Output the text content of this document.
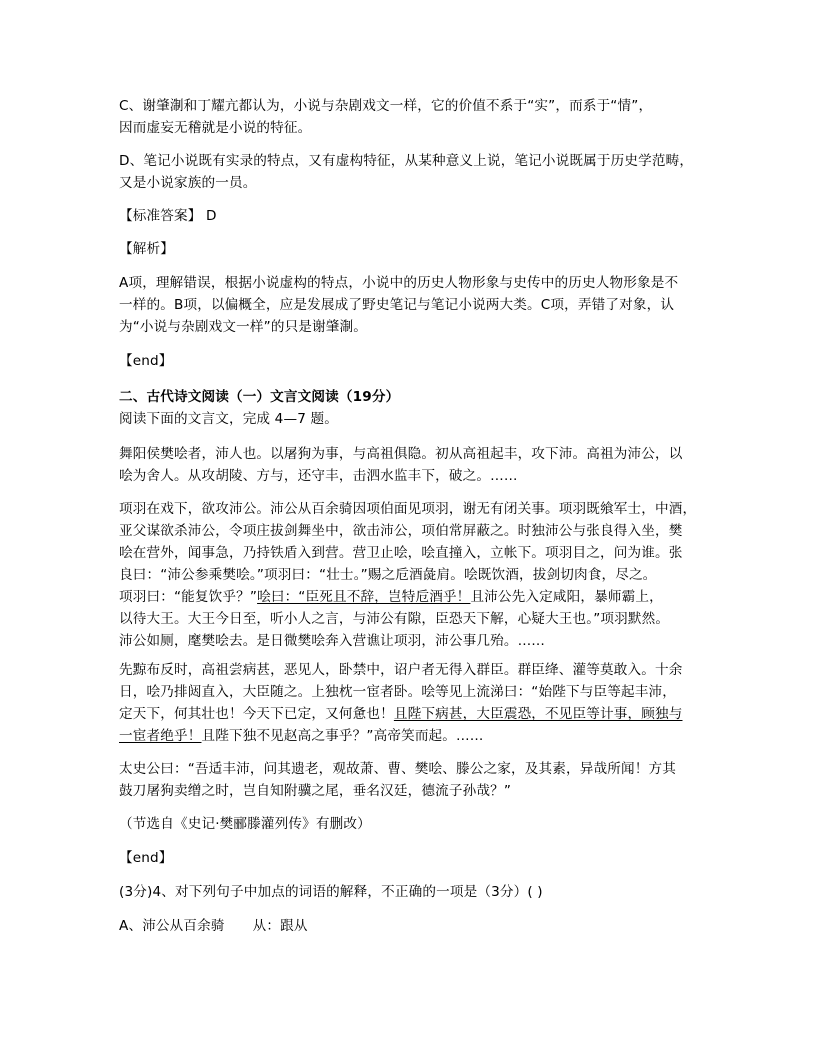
C、谢肇淛和丁耀亢都认为，小说与杂剧戏文一样，它的价值不系于“实”，而系于“情”，

因而虚妄无稽就是小说的特征。

D、笔记小说既有实录的特点，又有虚构特征，从某种意义上说，笔记小说既属于历史学范畴，

又是小说家族的一员。

【标准答案】 D

【解析】

A项，理解错误，根据小说虚构的特点，小说中的历史人物形象与史传中的历史人物形象是不

一样的。B项，以偏概全，应是发展成了野史笔记与笔记小说两大类。C项，弄错了对象，认

为“小说与杂剧戏文一样”的只是谢肇淛。

【end】

二、古代诗文阅读（一）文言文阅读（19分）

阅读下面的文言文，完成 4—7 题。

舞阳侯樊哙者，沛人也。以屠狗为事，与高祖俱隐。初从高祖起丰，攻下沛。高祖为沛公，以

哙为舍人。从攻胡陵、方与，还守丰，击泗水监丰下，破之。……

项羽在戏下，欲攻沛公。沛公从百余骑因项伯面见项羽，谢无有闭关事。项羽既飨军士，中酒，

亚父谋欲杀沛公，令项庄拔剑舞坐中，欲击沛公，项伯常屏蔽之。时独沛公与张良得入坐，樊

哙在营外，闻事急，乃持铁盾入到营。营卫止哙，哙直撞入，立帐下。项羽目之，问为谁。张

良曰：“沛公参乘樊哙。”项羽曰：“壮士。”赐之卮酒彘肩。哙既饮酒，拔剑切肉食，尽之。

项羽曰：“能复饮乎？”哙曰：“臣死且不辞，岂特卮酒乎！且沛公先入定咸阳，暴师霸上，

以待大王。大王今日至，听小人之言，与沛公有隙，臣恐天下解，心疑大王也。”项羽默然。

沛公如厕，麾樊哙去。是日微樊哙奔入营谯让项羽，沛公事几殆。……

先黥布反时，高祖尝病甚，恶见人，卧禁中，诏户者无得入群臣。群臣绛、灌等莫敢入。十余

日，哙乃排闼直入，大臣随之。上独枕一宦者卧。哙等见上流涕曰：“始陛下与臣等起丰沛，

定天下，何其壮也！今天下已定，又何惫也！且陛下病甚，大臣震恐，不见臣等计事，顾独与

一宦者绝乎！且陛下独不见赵高之事乎？”高帝笑而起。……

太史公曰：“吾适丰沛，问其遗老，观故萧、曹、樊哙、滕公之家，及其素，异哉所闻！方其

鼓刀屠狗卖缯之时，岂自知附骥之尾，垂名汉廷，德流子孙哉？”

（节选自《史记·樊郦滕灌列传》有删改）

【end】

(3分)4、对下列句子中加点的词语的解释，不正确的一项是（3分）( )

A、沛公从百余骑 从：跟从
